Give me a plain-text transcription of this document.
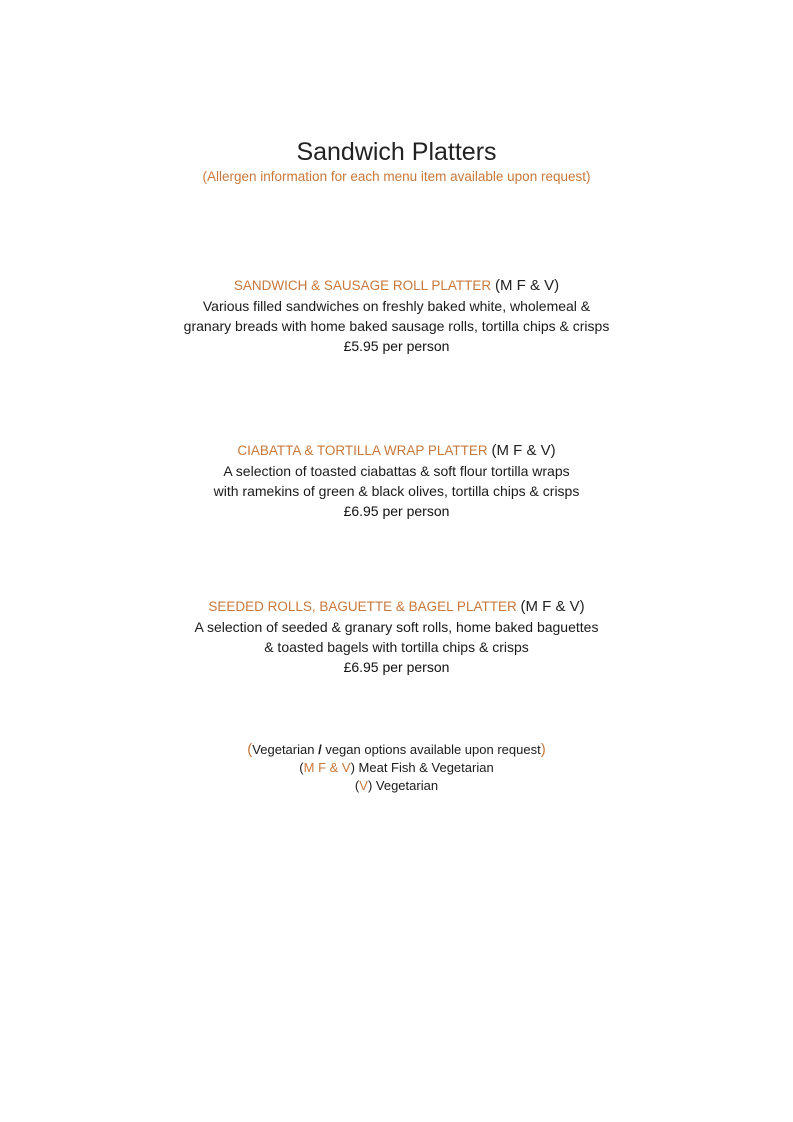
Sandwich Platters
(Allergen information for each menu item available upon request)
SANDWICH & SAUSAGE ROLL PLATTER (M F & V)
Various filled sandwiches on freshly baked white, wholemeal &
granary breads with home baked sausage rolls, tortilla chips & crisps
£5.95 per person
CIABATTA & TORTILLA WRAP PLATTER (M F & V)
A selection of toasted ciabattas & soft flour tortilla wraps
with ramekins of green & black olives, tortilla chips & crisps
£6.95 per person
SEEDED ROLLS, BAGUETTE & BAGEL PLATTER (M F & V)
A selection of seeded & granary soft rolls, home baked baguettes
& toasted bagels with tortilla chips & crisps
£6.95 per person
(Vegetarian / vegan options available upon request)
(M F & V) Meat Fish & Vegetarian
(V) Vegetarian
